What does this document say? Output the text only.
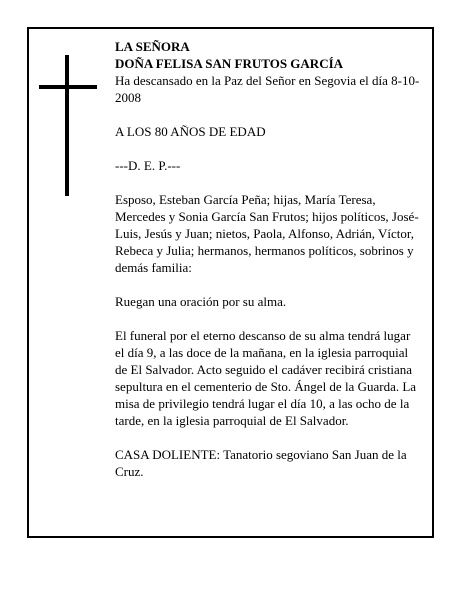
LA SEÑORA

DOÑA FELISA SAN FRUTOS GARCÍA

Ha descansado en la Paz del Señor en Segovia el día 8-10-2008

A LOS 80 AÑOS DE EDAD

---D. E. P.---

Esposo, Esteban García Peña; hijas, María Teresa, Mercedes y Sonia García San Frutos; hijos políticos, José-Luis, Jesús y Juan; nietos, Paola, Alfonso, Adrián, Víctor, Rebeca y Julia; hermanos, hermanos políticos, sobrinos y demás familia:

Ruegan una oración por su alma.

El funeral por el eterno descanso de su alma tendrá lugar el día 9, a las doce de la mañana, en la iglesia parroquial de El Salvador. Acto seguido el cadáver recibirá cristiana sepultura en el cementerio de Sto. Ángel de la Guarda. La misa de privilegio tendrá lugar el día 10, a las ocho de la tarde, en la iglesia parroquial de El Salvador.

CASA DOLIENTE: Tanatorio segoviano San Juan de la Cruz.
